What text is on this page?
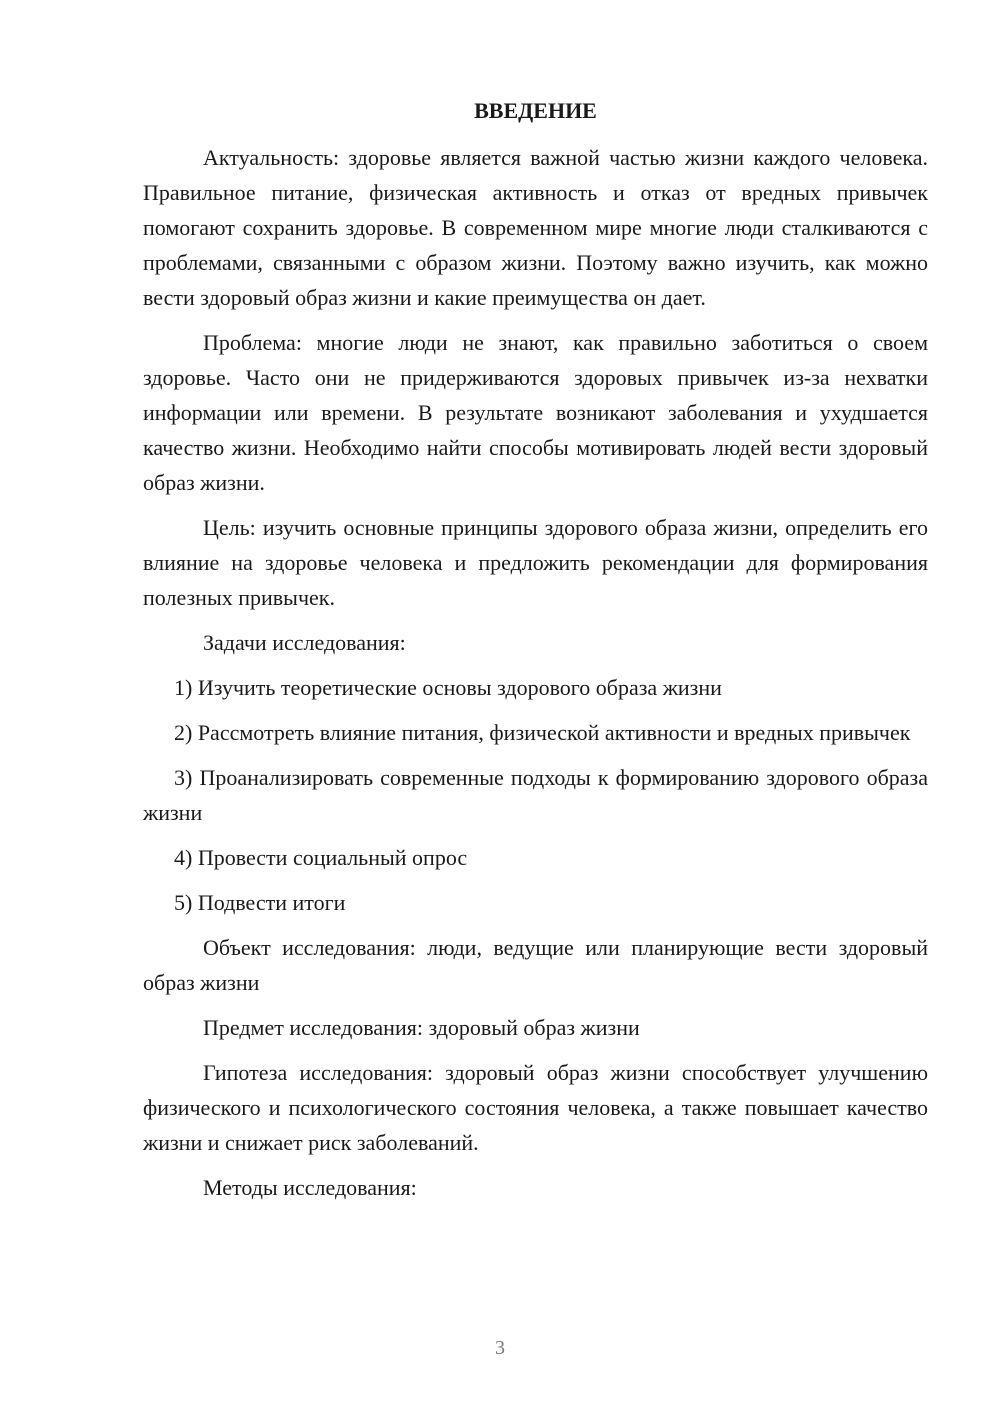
ВВЕДЕНИЕ

Актуальность: здоровье является важной частью жизни каждого человека. Правильное питание, физическая активность и отказ от вредных привычек помогают сохранить здоровье. В современном мире многие люди сталкиваются с проблемами, связанными с образом жизни. Поэтому важно изучить, как можно вести здоровый образ жизни и какие преимущества он дает.

Проблема: многие люди не знают, как правильно заботиться о своем здоровье. Часто они не придерживаются здоровых привычек из-за нехватки информации или времени. В результате возникают заболевания и ухудшается качество жизни. Необходимо найти способы мотивировать людей вести здоровый образ жизни.

Цель: изучить основные принципы здорового образа жизни, определить его влияние на здоровье человека и предложить рекомендации для формирования полезных привычек.

Задачи исследования:

1) Изучить теоретические основы здорового образа жизни

2) Рассмотреть влияние питания, физической активности и вредных привычек

3) Проанализировать современные подходы к формированию здорового образа жизни

4) Провести социальный опрос

5) Подвести итоги

Объект исследования: люди, ведущие или планирующие вести здоровый образ жизни

Предмет исследования: здоровый образ жизни

Гипотеза исследования: здоровый образ жизни способствует улучшению физического и психологического состояния человека, а также повышает качество жизни и снижает риск заболеваний.

Методы исследования:

3
